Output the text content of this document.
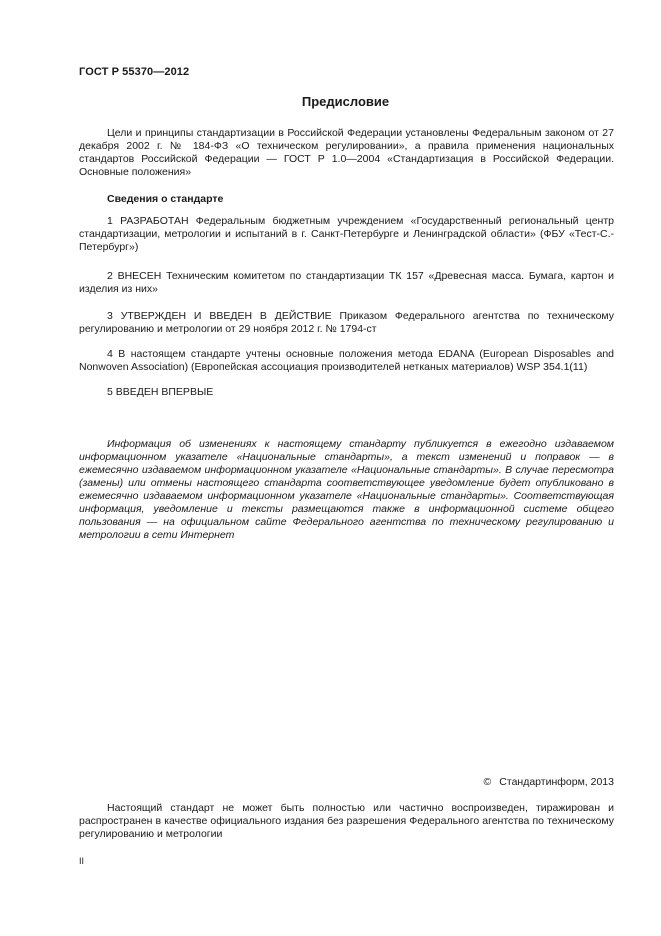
ГОСТ Р 55370—2012
Предисловие
Цели и принципы стандартизации в Российской Федерации установлены Федеральным законом от 27 декабря 2002 г. № 184-ФЗ «О техническом регулировании», а правила применения национальных стандартов Российской Федерации — ГОСТ Р 1.0—2004 «Стандартизация в Российской Федерации. Основные положения»
Сведения о стандарте
1 РАЗРАБОТАН Федеральным бюджетным учреждением «Государственный региональный центр стандартизации, метрологии и испытаний в г. Санкт-Петербурге и Ленинградской области» (ФБУ «Тест-С.-Петербург»)
2 ВНЕСЕН Техническим комитетом по стандартизации ТК 157 «Древесная масса. Бумага, картон и изделия из них»
3 УТВЕРЖДЕН И ВВЕДЕН В ДЕЙСТВИЕ Приказом Федерального агентства по техническому регулированию и метрологии от 29 ноября 2012 г. № 1794-ст
4 В настоящем стандарте учтены основные положения метода EDANA (European Disposables and Nonwoven Association) (Европейская ассоциация производителей нетканых материалов) WSP 354.1(11)
5 ВВЕДЕН ВПЕРВЫЕ
Информация об изменениях к настоящему стандарту публикуется в ежегодно издаваемом информационном указателе «Национальные стандарты», а текст изменений и поправок — в ежемесячно издаваемом информационном указателе «Национальные стандарты». В случае пересмотра (замены) или отмены настоящего стандарта соответствующее уведомление будет опубликовано в ежемесячно издаваемом информационном указателе «Национальные стандарты». Соответствующая информация, уведомление и тексты размещаются также в информационной системе общего пользования — на официальном сайте Федерального агентства по техническому регулированию и метрологии в сети Интернет
© Стандартинформ, 2013
Настоящий стандарт не может быть полностью или частично воспроизведен, тиражирован и распространен в качестве официального издания без разрешения Федерального агентства по техническому регулированию и метрологии
II
